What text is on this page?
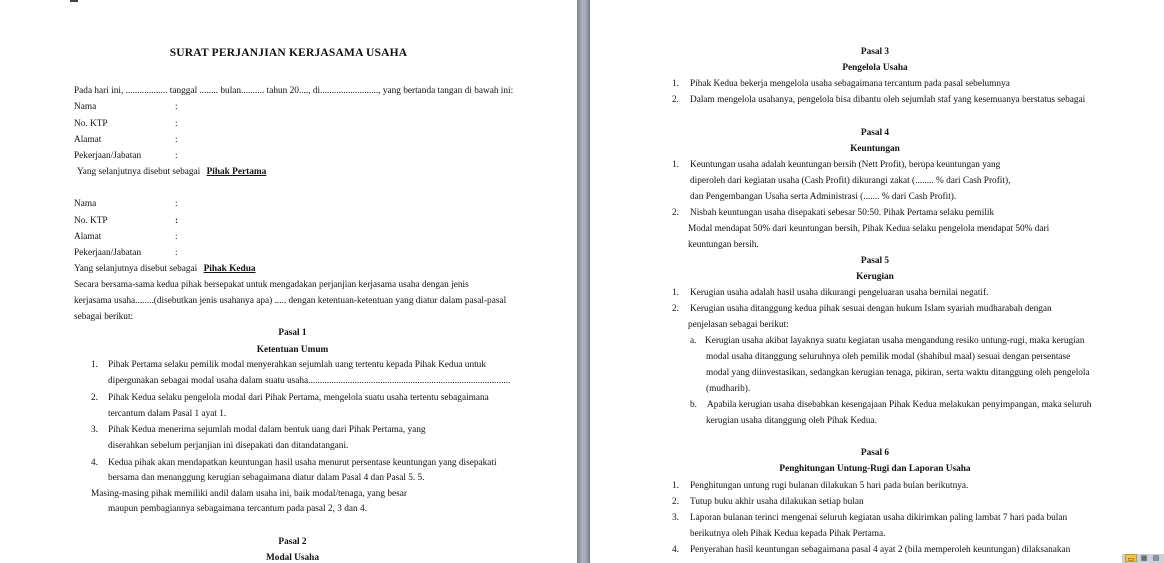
SURAT PERJANJIAN KERJASAMA USAHA
Pada hari ini, .................. tanggal ........ bulan.......... tahun 20...., di........................., yang bertanda tangan di bawah ini:
Nama	:
No. KTP	:
Alamat	:
Pekerjaan/Jabatan	:
Yang selanjutnya disebut sebagai Pihak Pertama
Nama	:
No. KTP	:
Alamat	:
Pekerjaan/Jabatan	:
Yang selanjutnya disebut sebagai Pihak Kedua
Secara bersama-sama kedua pihak bersepakat untuk mengadakan perjanjian kerjasama usaha dengan jenis
kerjasama usaha........(disebutkan jenis usahanya apa) ..... dengan ketentuan-ketentuan yang diatur dalam pasal-pasal
sebagai berikut:
Pasal 1
Ketentuan Umum
1. Pihak Pertama selaku pemilik modal menyerahkan sejumlah uang tertentu kepada Pihak Kedua untuk
dipergunakan sebagai modal usaha dalam suatu usaha.......................................................................................
2. Pihak Kedua selaku pengelola modal dari Pihak Pertama, mengelola suatu usaha tertentu sebagaimana
tercantum dalam Pasal 1 ayat 1.
3. Pihak Kedua menerima sejumlah modal dalam bentuk uang dari Pihak Pertama, yang
diserahkan sebelum perjanjian ini disepakati dan ditandatangani.
4. Kedua pihak akan mendapatkan keuntungan hasil usaha menurut persentase keuntungan yang disepakati
bersama dan menanggung kerugian sebagaimana diatur dalam Pasal 4 dan Pasal 5. 5.
Masing-masing pihak memiliki andil dalam usaha ini, baik modal/tenaga, yang besar
maupun pembagiannya sebagaimana tercantum pada pasal 2, 3 dan 4.
Pasal 2
Modal Usaha
Pasal 3
Pengelola Usaha
1. Pihak Kedua bekerja mengelola usaha sebagaimana tercantum pada pasal sebelumnya
2. Dalam mengelola usahanya, pengelola bisa dibantu oleh sejumlah staf yang kesemuanya berstatus sebagai
Pasal 4
Keuntungan
1. Keuntungan usaha adalah keuntungan bersih (Nett Profit), berupa keuntungan yang
diperoleh dari kegiatan usaha (Cash Profit) dikurangi zakat (........ % dari Cash Profit),
dan Pengembangan Usaha serta Administrasi (....... % dari Cash Profit).
2. Nisbah keuntungan usaha disepakati sebesar 50:50. Pihak Pertama selaku pemilik
Modal mendapat 50% dari keuntungan bersih, Pihak Kedua selaku pengelola mendapat 50% dari
keuntungan bersih.
Pasal 5
Kerugian
1. Kerugian usaha adalah hasil usaha dikurangi pengeluaran usaha bernilai negatif.
2. Kerugian usaha ditanggung kedua pihak sesuai dengan hukum Islam syariah mudharabah dengan
penjelasan sebagai berikut:
a. Kerugian usaha akibat layaknya suatu kegiatan usaha mengandung resiko untung-rugi, maka kerugian
modal usaha ditanggung seluruhnya oleh pemilik modal (shahibul maal) sesuai dengan persentase
modal yang diinvestasikan, sedangkan kerugian tenaga, pikiran, serta waktu ditanggung oleh pengelola
(mudharib).
b. Apabila kerugian usaha disebabkan kesengajaan Pihak Kedua melakukan penyimpangan, maka seluruh
kerugian usaha ditanggung oleh Pihak Kedua.
Pasal 6
Penghitungan Untung-Rugi dan Laporan Usaha
1. Penghitungan untung rugi bulanan dilakukan 5 hari pada bulan berikutnya.
2. Tutup buku akhir usaha dilakukan setiap bulan
3. Laporan bulanan terinci mengenai seluruh kegiatan usaha dikirimkan paling lambat 7 hari pada bulan
berikutnya oleh Pihak Kedua kepada Pihak Pertama.
4. Penyerahan hasil keuntungan sebagaimana pasal 4 ayat 2 (bila memperoleh keuntungan) dilaksanakan
▭ ▦ ▤
